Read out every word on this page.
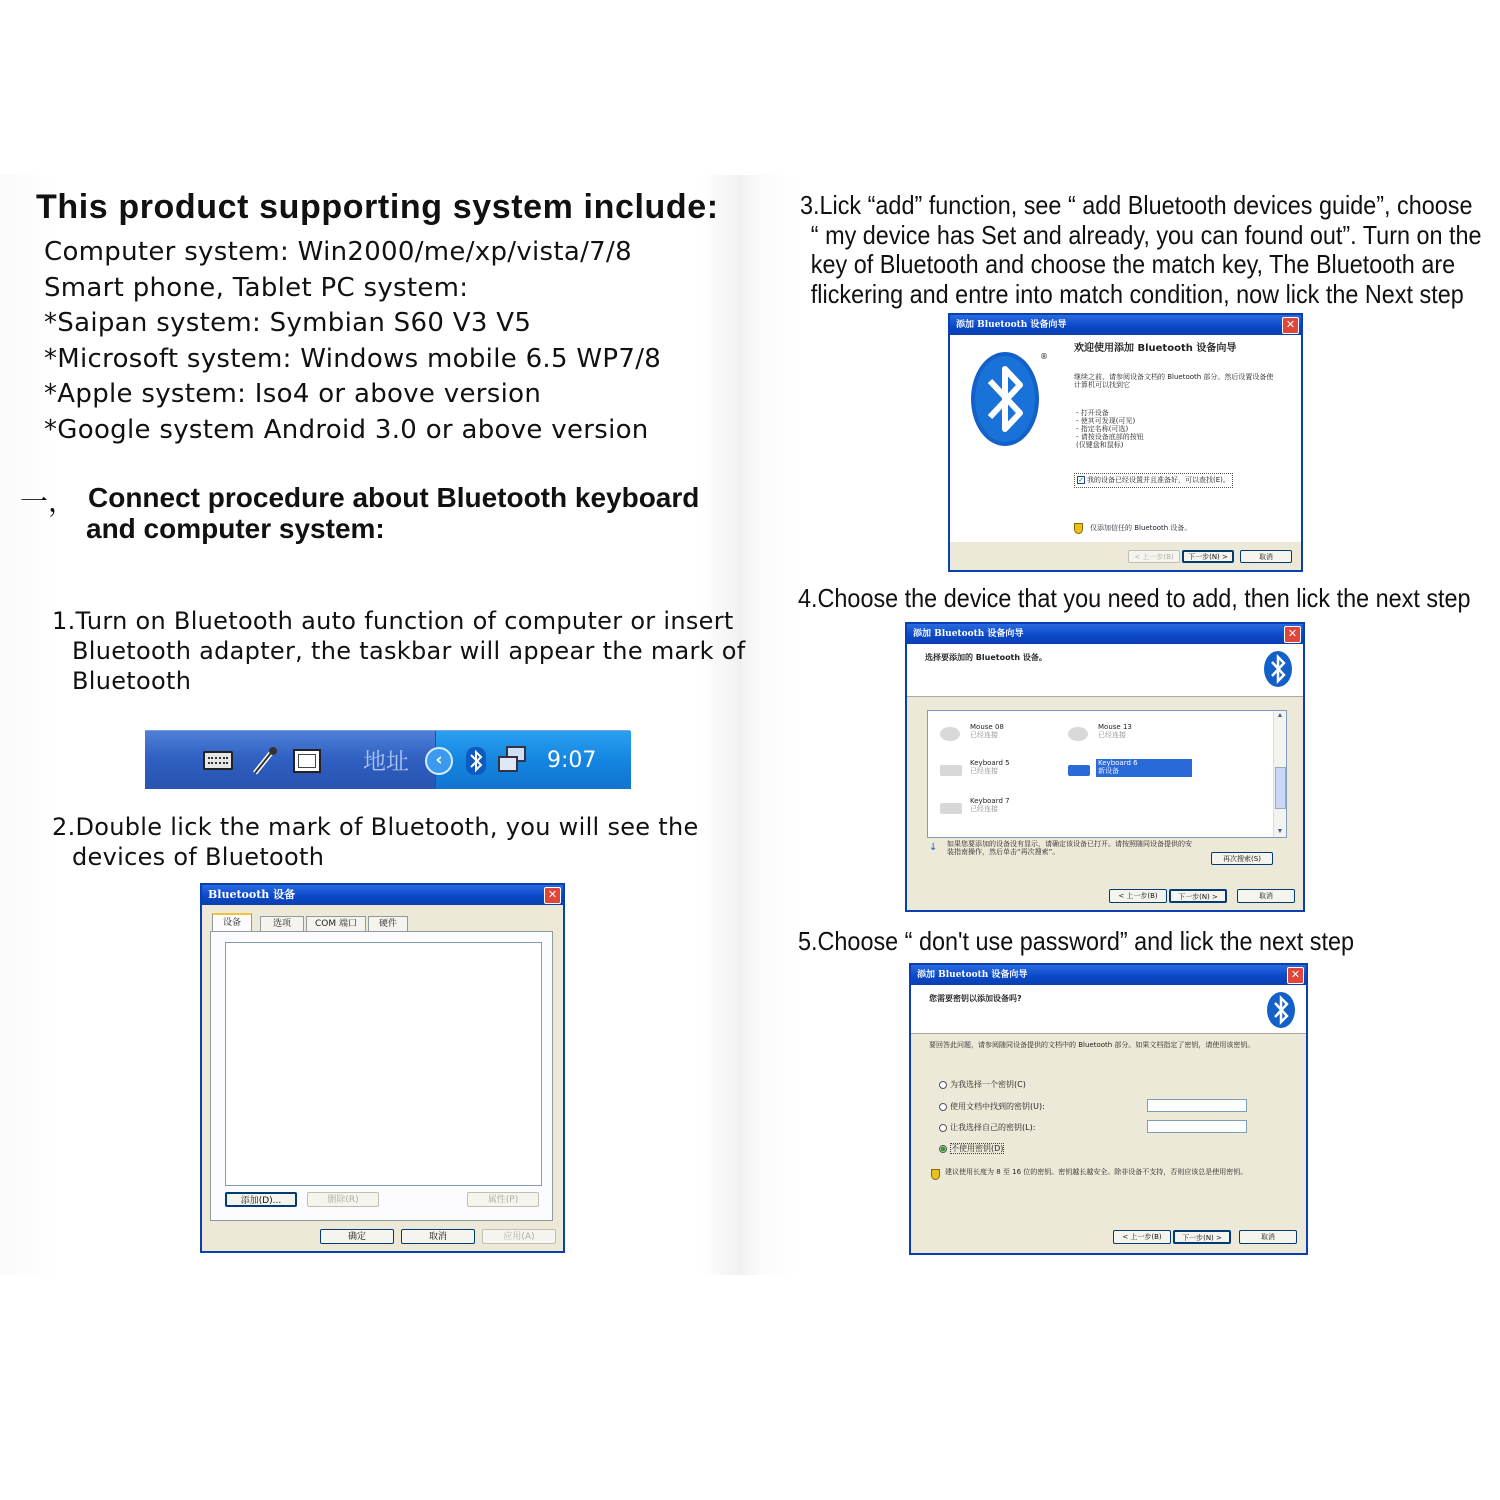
This product supporting system include:
Computer system: Win2000/me/xp/vista/7/8
Smart phone, Tablet PC system:
*Saipan system: Symbian S60 V3 V5
*Microsoft system: Windows mobile 6.5 WP7/8
*Apple system: Iso4 or above version
*Google system Android 3.0 or above version
一， Connect procedure about Bluetooth keyboard
and computer system:
1.Turn on Bluetooth auto function of computer or insert
Bluetooth adapter, the taskbar will appear the mark of
Bluetooth
地址	‹	9:07
2.Double lick the mark of Bluetooth, you will see the
devices of Bluetooth
Bluetooth 设备	✕
设备	选项	COM 端口	硬件
添加(D)...	删除(R)	属性(P)
确定	取消	应用(A)
3.Lick “add” function, see “ add Bluetooth devices guide”, choose
“ my device has Set and already, you can found out”. Turn on the
key of Bluetooth and choose the match key, The Bluetooth are
flickering and entre into match condition, now lick the Next step
添加 Bluetooth 设备向导	✕
®
欢迎使用添加 Bluetooth 设备向导
继续之前，请参阅设备文档的 Bluetooth 部分。然后设置设备使计算机可以找到它
- 打开设备
- 使其可发现(可见)
- 指定名称(可选)
- 请按设备底部的按钮
(仅键盘和鼠标)
✓ 我的设备已经设置并且准备好，可以查找(E)。
仅添加信任的 Bluetooth 设备。
< 上一步(B)	下一步(N) >	取消
4.Choose the device that you need to add, then lick the next step
添加 Bluetooth 设备向导	✕
选择要添加的 Bluetooth 设备。
▲
▼
Mouse 08
已经连接
Mouse 13
已经连接
Keyboard 5
已经连接
Keyboard 6
新设备
Keyboard 7
已经连接
↓ 如果您要添加的设备没有显示，请确定该设备已打开。请按照随同设备提供的安装指南操作，然后单击“再次搜索”。
再次搜索(S)
< 上一步(B)	下一步(N) >	取消
5.Choose “ don't use password” and lick the next step
添加 Bluetooth 设备向导	✕
您需要密钥以添加设备吗?
要回答此问题，请参阅随同设备提供的文档中的 Bluetooth 部分。如果文档指定了密钥，请使用该密钥。
为我选择一个密钥(C)
使用文档中找到的密钥(U):
让我选择自己的密钥(L):
不使用密钥(D)
建议使用长度为 8 至 16 位的密钥。密钥越长越安全。除非设备不支持，否则应该总是使用密钥。
< 上一步(B)	下一步(N) >	取消
